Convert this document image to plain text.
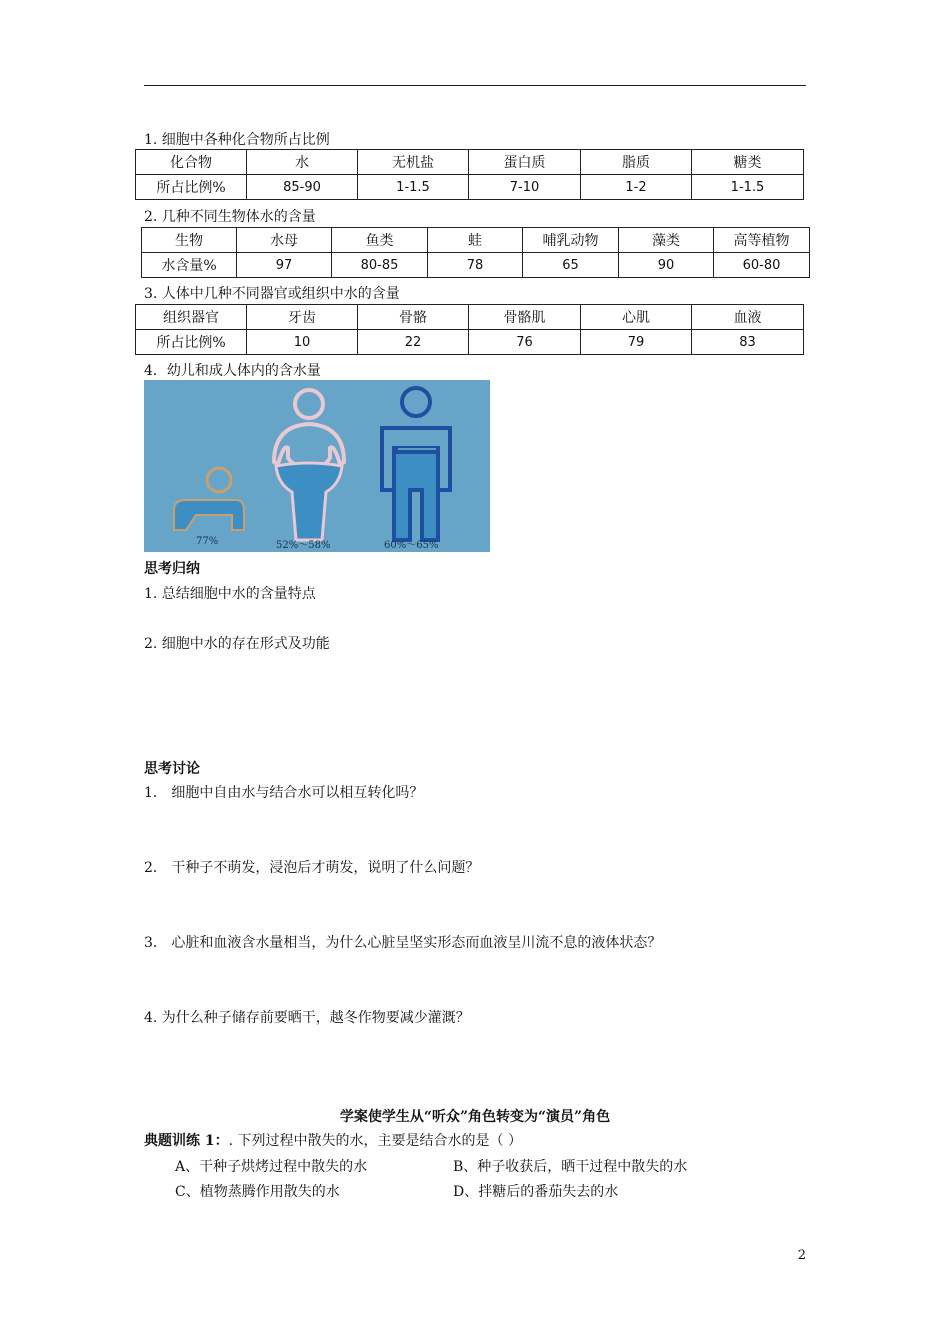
1. 细胞中各种化合物所占比例
化合物	水	无机盐	蛋白质	脂质	糖类
所占比例%	85-90	1-1.5	7-10	1-2	1-1.5
2. 几种不同生物体水的含量
生物	水母	鱼类	蛙	哺乳动物	藻类	高等植物
水含量%	97	80-85	78	65	90	60-80
3. 人体中几种不同器官或组织中水的含量
组织器官	牙齿	骨骼	骨骼肌	心肌	血液
所占比例%	10	22	76	79	83
4．幼儿和成人体内的含水量
77%	52%～58%	60%～65%
思考归纳
1. 总结细胞中水的含量特点
2. 细胞中水的存在形式及功能
思考讨论
1． 细胞中自由水与结合水可以相互转化吗？
2． 干种子不萌发，浸泡后才萌发，说明了什么问题？
3． 心脏和血液含水量相当，为什么心脏呈坚实形态而血液呈川流不息的液体状态？
4. 为什么种子储存前要晒干，越冬作物要减少灌溉？
学案使学生从“听众”角色转变为“演员”角色
典题训练 1：. 下列过程中散失的水，主要是结合水的是（ ）
A、干种子烘烤过程中散失的水	B、种子收获后，晒干过程中散失的水
C、植物蒸腾作用散失的水	D、拌糖后的番茄失去的水
2
